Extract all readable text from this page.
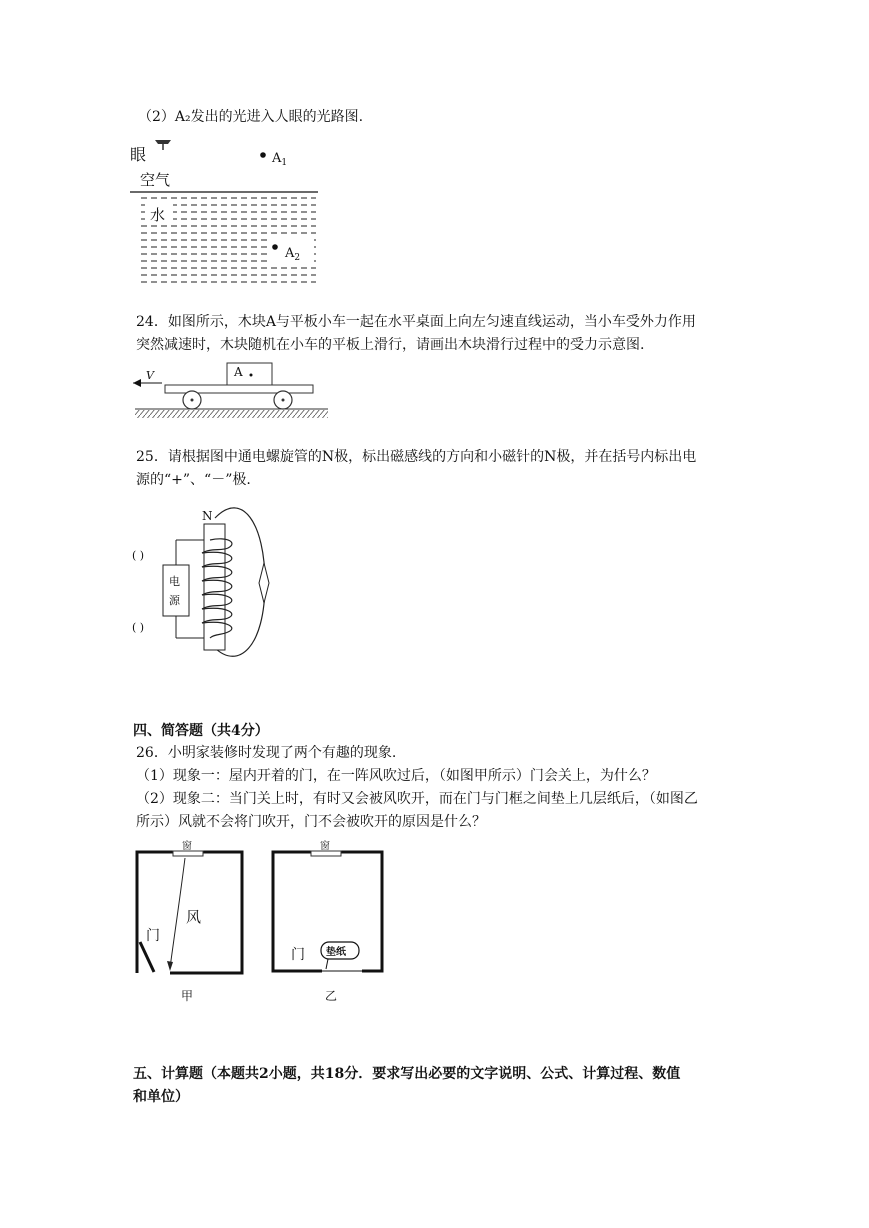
（2）A₂发出的光进入人眼的光路图.
眼	$A_1$
空气
水
$A_2$
24．如图所示，木块A与平板小车一起在水平桌面上向左匀速直线运动，当小车受外力作用
突然减速时，木块随机在小车的平板上滑行，请画出木块滑行过程中的受力示意图.
A
V
25．请根据图中通电螺旋管的N极，标出磁感线的方向和小磁针的N极，并在括号内标出电
源的“+”、“－”极.
电
源
N
( )
( )
四、简答题（共4分）
26．小明家装修时发现了两个有趣的现象.
（1）现象一：屋内开着的门，在一阵风吹过后，（如图甲所示）门会关上，为什么？
（2）现象二：当门关上时，有时又会被风吹开，而在门与门框之间垫上几层纸后，（如图乙
所示）风就不会将门吹开，门不会被吹开的原因是什么？
窗
风
门
甲
窗
门 垫纸
乙
五、计算题（本题共2小题，共18分．要求写出必要的文字说明、公式、计算过程、数值
和单位）
